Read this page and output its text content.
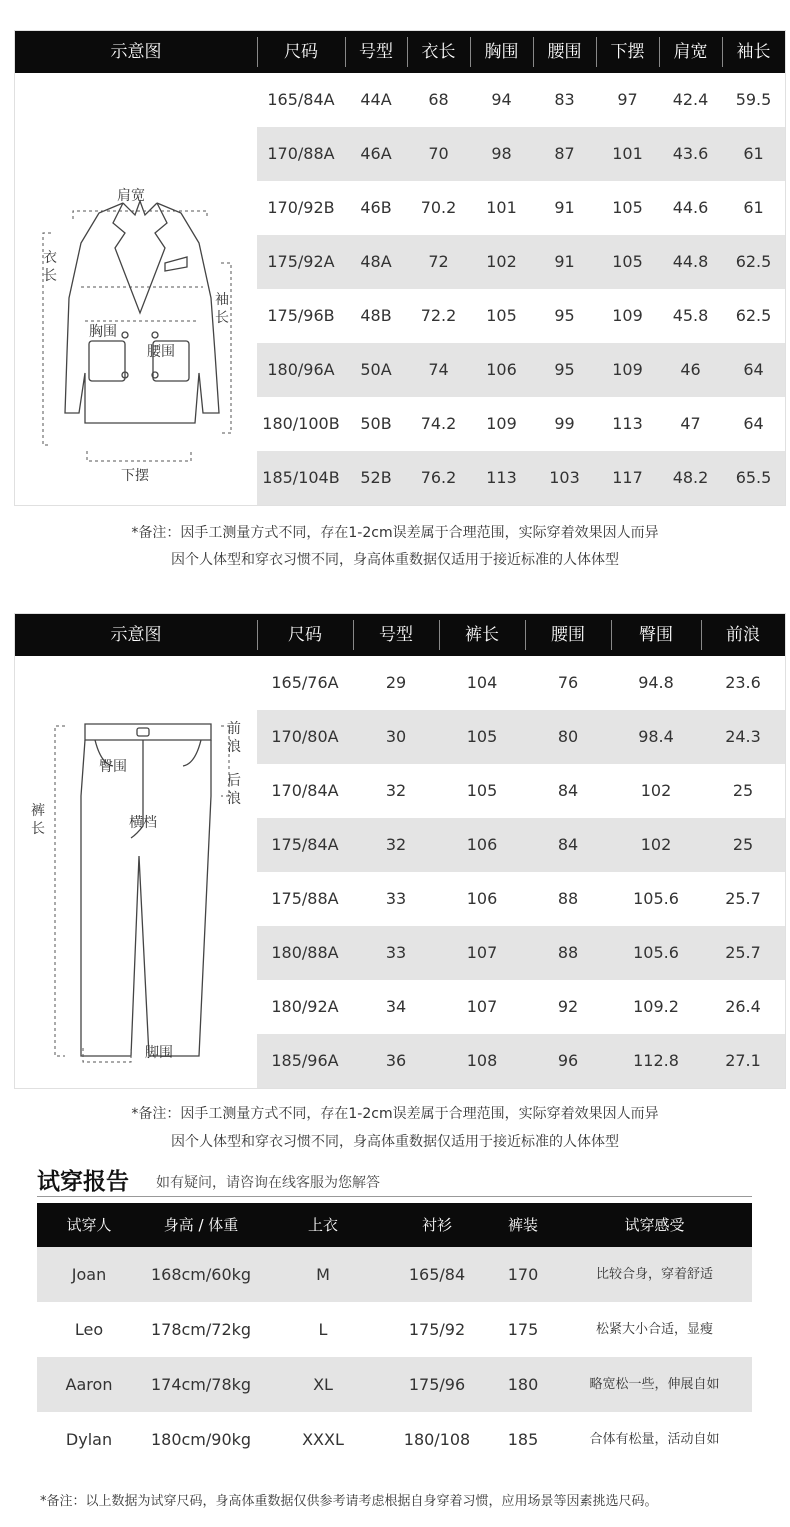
示意图	尺码	号型	衣长	胸围	腰围	下摆	肩宽	袖长
肩宽
衣长
袖长
胸围
腰围
下摆
165/84A	44A	68	94	83	97	42.4	59.5
170/88A	46A	70	98	87	101	43.6	61
170/92B	46B	70.2	101	91	105	44.6	61
175/92A	48A	72	102	91	105	44.8	62.5
175/96B	48B	72.2	105	95	109	45.8	62.5
180/96A	50A	74	106	95	109	46	64
180/100B	50B	74.2	109	99	113	47	64
185/104B	52B	76.2	113	103	117	48.2	65.5
*备注：因手工测量方式不同，存在1-2cm误差属于合理范围，实际穿着效果因人而异
因个人体型和穿衣习惯不同，身高体重数据仅适用于接近标准的人体体型
示意图	尺码	号型	裤长	腰围	臀围	前浪
前浪
后浪
臀围
裤长	横档
脚围
165/76A	29	104	76	94.8	23.6
170/80A	30	105	80	98.4	24.3
170/84A	32	105	84	102	25
175/84A	32	106	84	102	25
175/88A	33	106	88	105.6	25.7
180/88A	33	107	88	105.6	25.7
180/92A	34	107	92	109.2	26.4
185/96A	36	108	96	112.8	27.1
*备注：因手工测量方式不同，存在1-2cm误差属于合理范围，实际穿着效果因人而异
因个人体型和穿衣习惯不同，身高体重数据仅适用于接近标准的人体体型
试穿报告 如有疑问，请咨询在线客服为您解答
试穿人	身高 / 体重	上衣	衬衫	裤装	试穿感受
Joan	168cm/60kg	M	165/84	170	比较合身，穿着舒适
Leo	178cm/72kg	L	175/92	175	松紧大小合适，显瘦
Aaron	174cm/78kg	XL	175/96	180	略宽松一些，伸展自如
Dylan	180cm/90kg	XXXL	180/108	185	合体有松量，活动自如
*备注：以上数据为试穿尺码，身高体重数据仅供参考请考虑根据自身穿着习惯，应用场景等因素挑选尺码。
